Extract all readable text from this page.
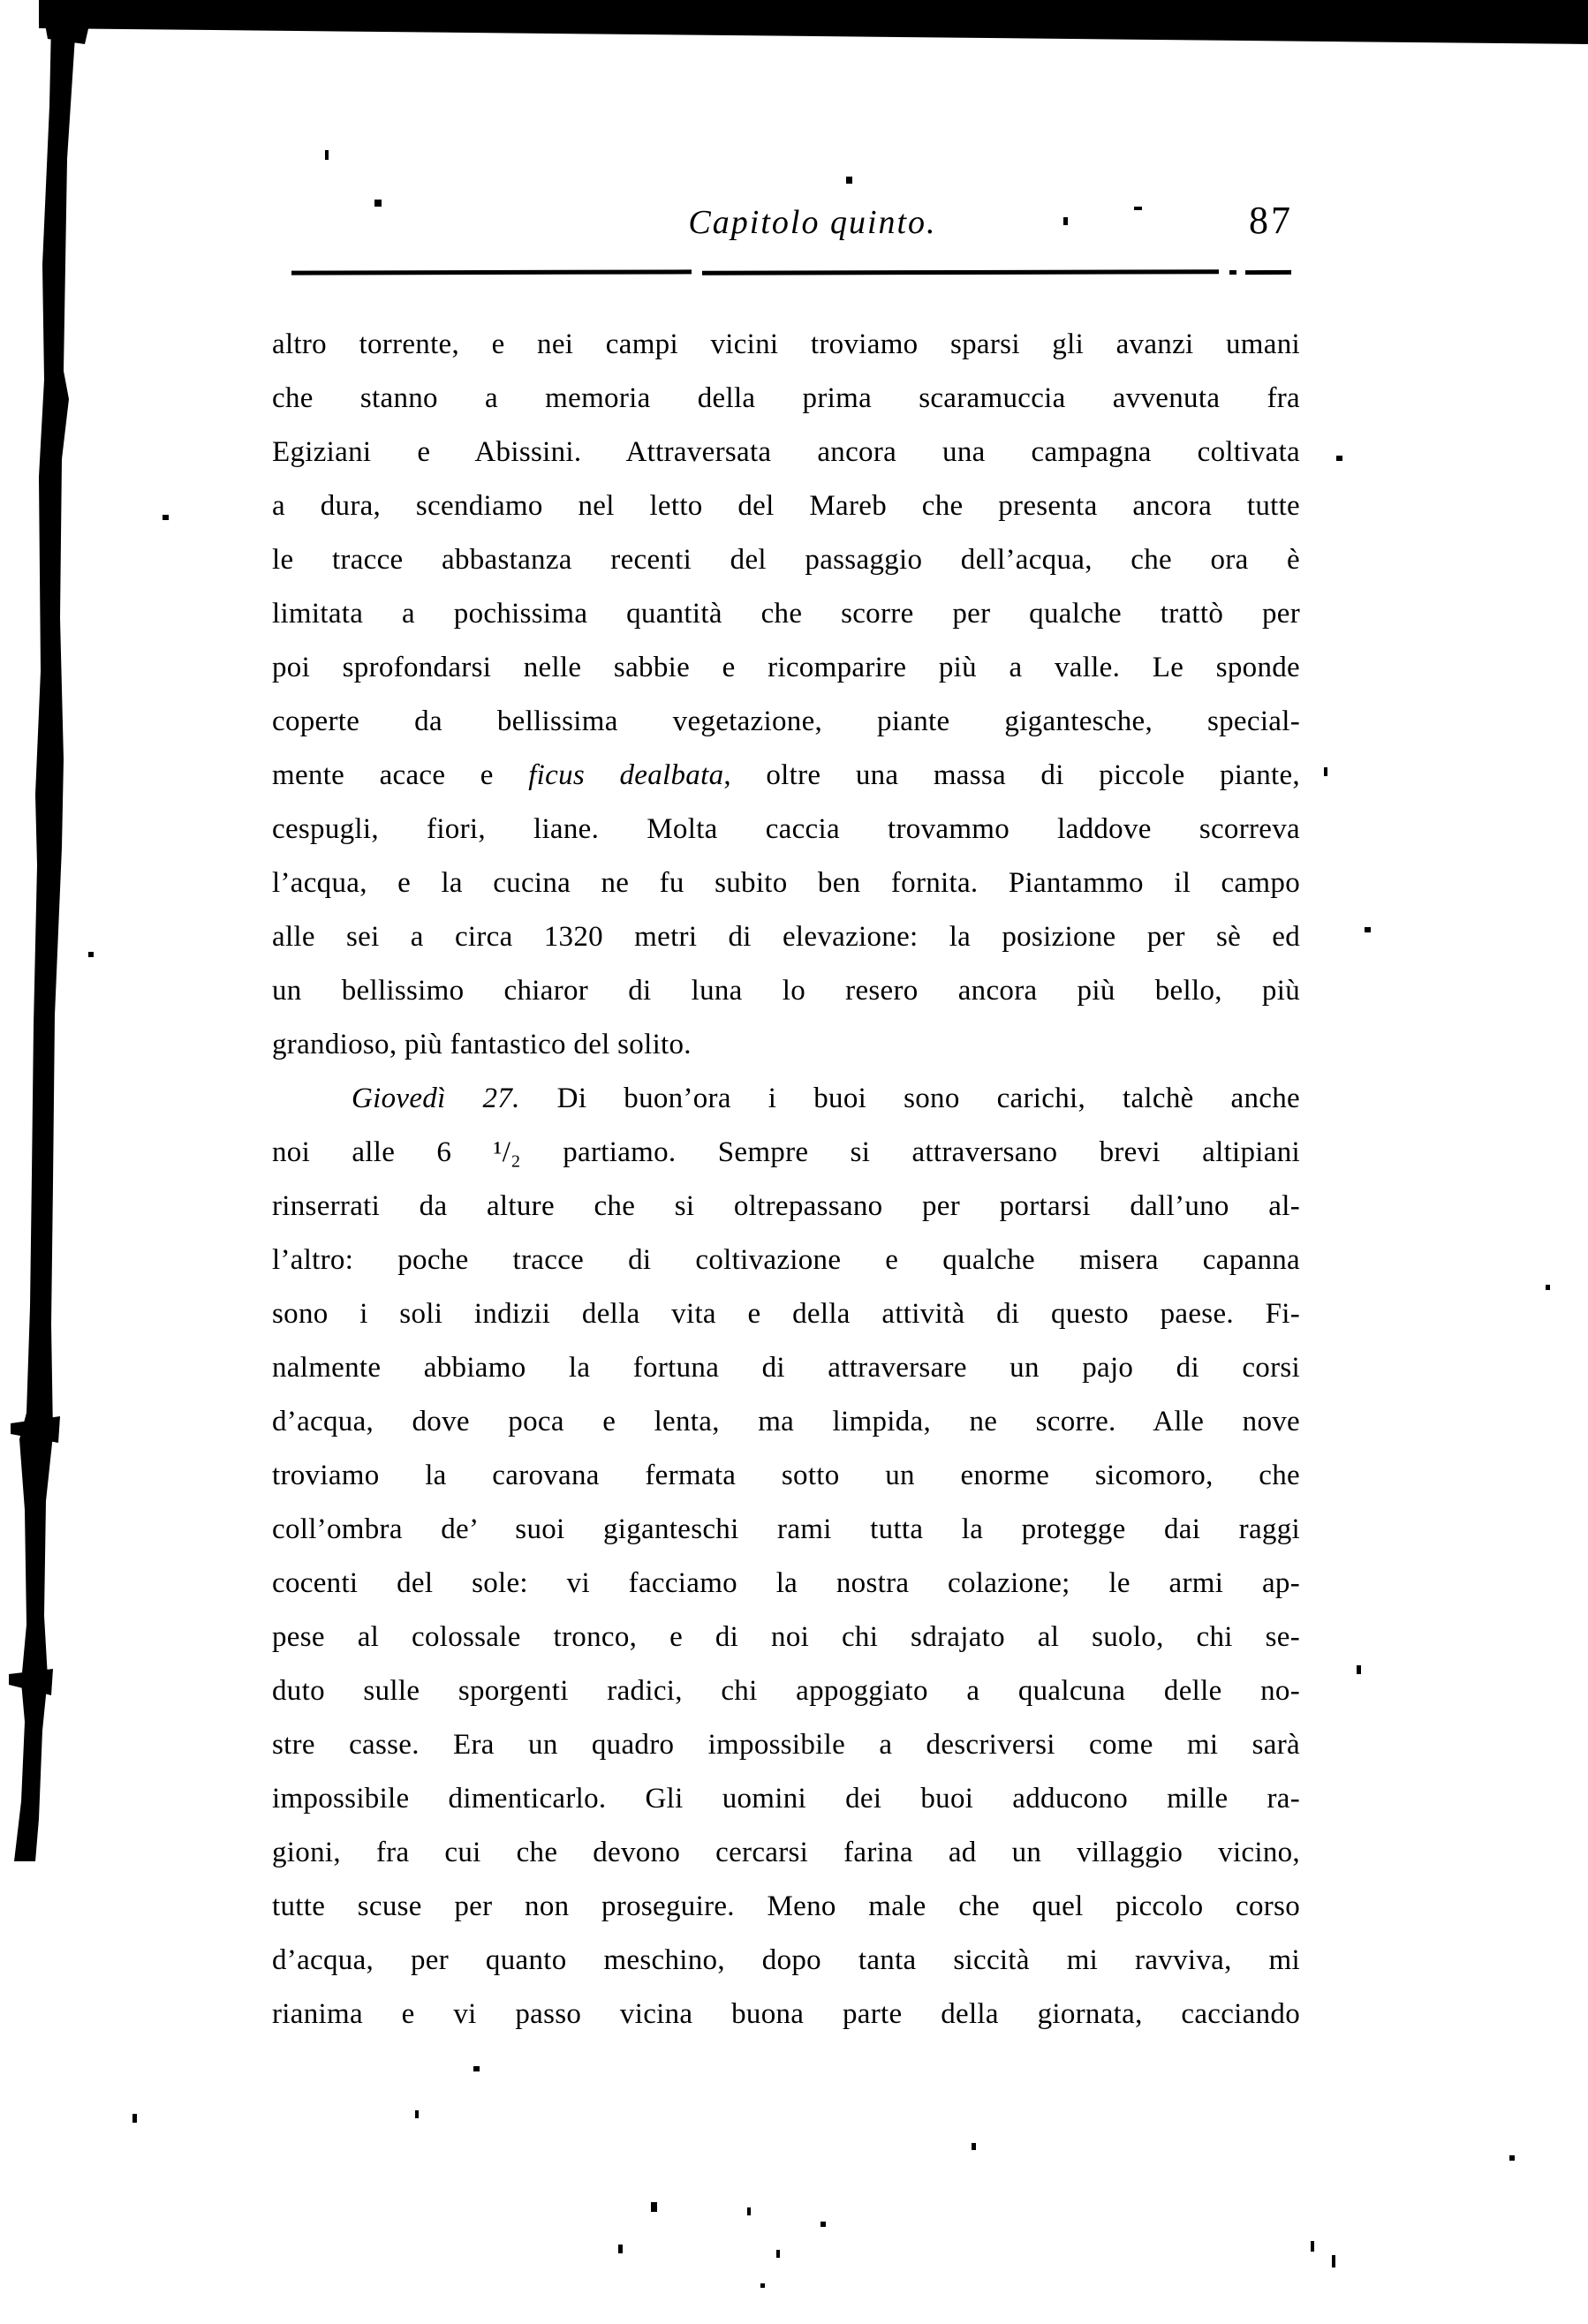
Capitolo quinto.	87
altro torrente, e nei campi vicini troviamo sparsi gli avanzi umani
che stanno a memoria della prima scaramuccia avvenuta fra
Egiziani e Abissini. Attraversata ancora una campagna coltivata
a dura, scendiamo nel letto del Mareb che presenta ancora tutte
le tracce abbastanza recenti del passaggio dell’acqua, che ora è
limitata a pochissima quantità che scorre per qualche trattò per
poi sprofondarsi nelle sabbie e ricomparire più a valle. Le sponde
coperte da bellissima vegetazione, piante gigantesche, special-
mente acace e ficus dealbata, oltre una massa di piccole piante,
cespugli, fiori, liane. Molta caccia trovammo laddove scorreva
l’acqua, e la cucina ne fu subito ben fornita. Piantammo il campo
alle sei a circa 1320 metri di elevazione: la posizione per sè ed
un bellissimo chiaror di luna lo resero ancora più bello, più
grandioso, più fantastico del solito.
Giovedì 27. Di buon’ora i buoi sono carichi, talchè anche
noi alle 6 ¹/₂ partiamo. Sempre si attraversano brevi altipiani
rinserrati da alture che si oltrepassano per portarsi dall’uno al-
l’altro: poche tracce di coltivazione e qualche misera capanna
sono i soli indizii della vita e della attività di questo paese. Fi-
nalmente abbiamo la fortuna di attraversare un pajo di corsi
d’acqua, dove poca e lenta, ma limpida, ne scorre. Alle nove
troviamo la carovana fermata sotto un enorme sicomoro, che
coll’ombra de’ suoi giganteschi rami tutta la protegge dai raggi
cocenti del sole: vi facciamo la nostra colazione; le armi ap-
pese al colossale tronco, e di noi chi sdrajato al suolo, chi se-
duto sulle sporgenti radici, chi appoggiato a qualcuna delle no-
stre casse. Era un quadro impossibile a descriversi come mi sarà
impossibile dimenticarlo. Gli uomini dei buoi adducono mille ra-
gioni, fra cui che devono cercarsi farina ad un villaggio vicino,
tutte scuse per non proseguire. Meno male che quel piccolo corso
d’acqua, per quanto meschino, dopo tanta siccità mi ravviva, mi
rianima e vi passo vicina buona parte della giornata, cacciando
